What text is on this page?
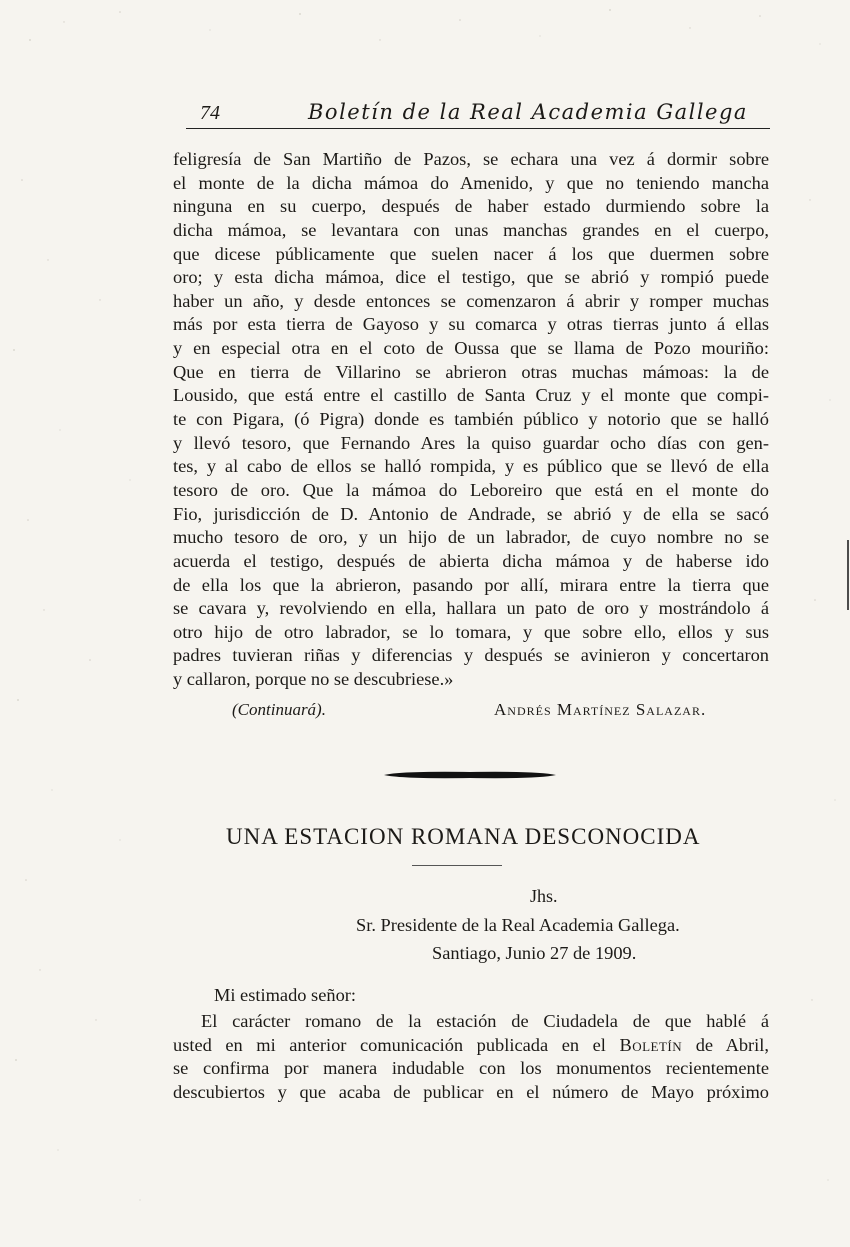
74	Boletín de la Real Academia Gallega
feligresía de San Martiño de Pazos, se echara una vez á dormir sobre
el monte de la dicha mámoa do Amenido, y que no teniendo mancha
ninguna en su cuerpo, después de haber estado durmiendo sobre la
dicha mámoa, se levantara con unas manchas grandes en el cuerpo,
que dicese públicamente que suelen nacer á los que duermen sobre
oro; y esta dicha mámoa, dice el testigo, que se abrió y rompió puede
haber un año, y desde entonces se comenzaron á abrir y romper muchas
más por esta tierra de Gayoso y su comarca y otras tierras junto á ellas
y en especial otra en el coto de Oussa que se llama de Pozo mouriño:
Que en tierra de Villarino se abrieron otras muchas mámoas: la de
Lousido, que está entre el castillo de Santa Cruz y el monte que compi-
te con Pigara, (ó Pigra) donde es también público y notorio que se halló
y llevó tesoro, que Fernando Ares la quiso guardar ocho días con gen-
tes, y al cabo de ellos se halló rompida, y es público que se llevó de ella
tesoro de oro. Que la mámoa do Leboreiro que está en el monte do
Fio, jurisdicción de D. Antonio de Andrade, se abrió y de ella se sacó
mucho tesoro de oro, y un hijo de un labrador, de cuyo nombre no se
acuerda el testigo, después de abierta dicha mámoa y de haberse ido
de ella los que la abrieron, pasando por allí, mirara entre la tierra que
se cavara y, revolviendo en ella, hallara un pato de oro y mostrándolo á
otro hijo de otro labrador, se lo tomara, y que sobre ello, ellos y sus
padres tuvieran riñas y diferencias y después se avinieron y concertaron
y callaron, porque no se descubriese.»
(Continuará).	Andrés Martínez Salazar.
UNA ESTACION ROMANA DESCONOCIDA
Jhs.
Sr. Presidente de la Real Academia Gallega.
Santiago, Junio 27 de 1909.
Mi estimado señor:
El carácter romano de la estación de Ciudadela de que hablé á
usted en mi anterior comunicación publicada en el Boletín de Abril,
se confirma por manera indudable con los monumentos recientemente
descubiertos y que acaba de publicar en el número de Mayo próximo
